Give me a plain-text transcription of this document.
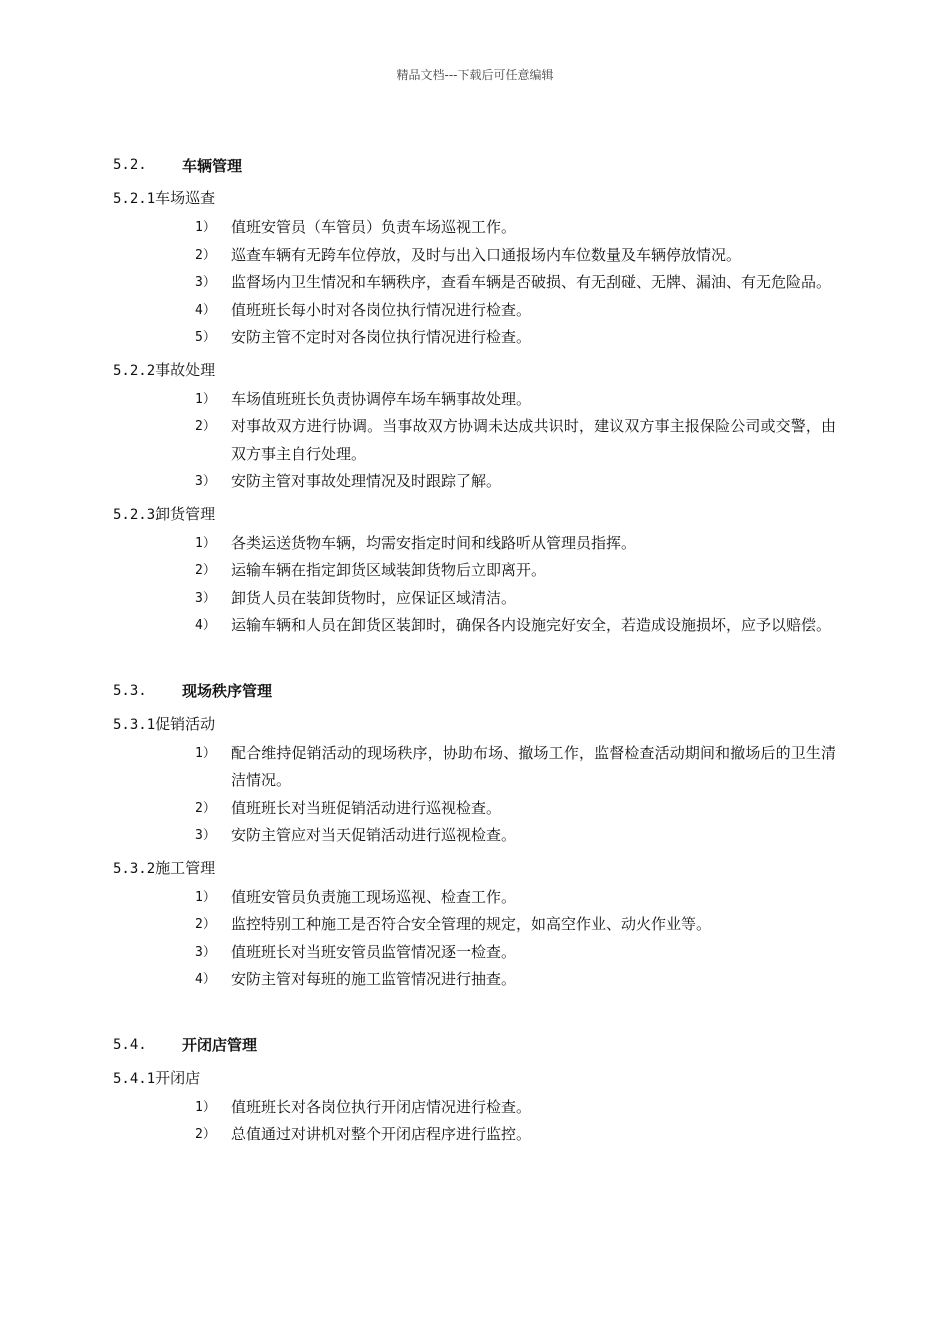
精品文档---下载后可任意编辑
5.2.	车辆管理
5.2.1车场巡查
1）	值班安管员（车管员）负责车场巡视工作。
2）	巡查车辆有无跨车位停放，及时与出入口通报场内车位数量及车辆停放情况。
3）	监督场内卫生情况和车辆秩序，查看车辆是否破损、有无刮碰、无牌、漏油、有无危险品。
4）	值班班长每小时对各岗位执行情况进行检查。
5）	安防主管不定时对各岗位执行情况进行检查。
5.2.2事故处理
1）	车场值班班长负责协调停车场车辆事故处理。
2）	对事故双方进行协调。当事故双方协调未达成共识时，建议双方事主报保险公司或交警，由双方事主自行处理。
3）	安防主管对事故处理情况及时跟踪了解。
5.2.3卸货管理
1）	各类运送货物车辆，均需安指定时间和线路听从管理员指挥。
2）	运输车辆在指定卸货区域装卸货物后立即离开。
3）	卸货人员在装卸货物时，应保证区域清洁。
4）	运输车辆和人员在卸货区装卸时，确保各内设施完好安全，若造成设施损坏，应予以赔偿。
5.3.	现场秩序管理
5.3.1促销活动
1）	配合维持促销活动的现场秩序，协助布场、撤场工作，监督检查活动期间和撤场后的卫生清洁情况。
2）	值班班长对当班促销活动进行巡视检查。
3）	安防主管应对当天促销活动进行巡视检查。
5.3.2施工管理
1）	值班安管员负责施工现场巡视、检查工作。
2）	监控特别工种施工是否符合安全管理的规定，如高空作业、动火作业等。
3）	值班班长对当班安管员监管情况逐一检查。
4）	安防主管对每班的施工监管情况进行抽查。
5.4.	开闭店管理
5.4.1开闭店
1）	值班班长对各岗位执行开闭店情况进行检查。
2）	总值通过对讲机对整个开闭店程序进行监控。
